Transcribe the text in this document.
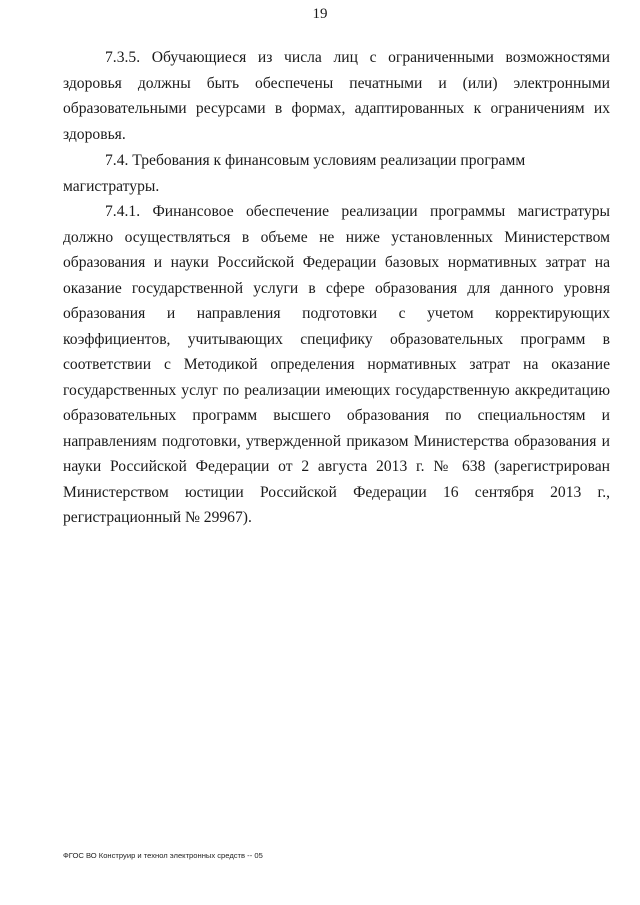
19

7.3.5. Обучающиеся из числа лиц с ограниченными возможностями здоровья должны быть обеспечены печатными и (или) электронными образовательными ресурсами в формах, адаптированных к ограничениям их здоровья.

7.4. Требования к финансовым условиям реализации программ магистратуры.

7.4.1. Финансовое обеспечение реализации программы магистратуры должно осуществляться в объеме не ниже установленных Министерством образования и науки Российской Федерации базовых нормативных затрат на оказание государственной услуги в сфере образования для данного уровня образования и направления подготовки с учетом корректирующих коэффициентов, учитывающих специфику образовательных программ в соответствии с Методикой определения нормативных затрат на оказание государственных услуг по реализации имеющих государственную аккредитацию образовательных программ высшего образования по специальностям и направлениям подготовки, утвержденной приказом Министерства образования и науки Российской Федерации от 2 августа 2013 г. № 638 (зарегистрирован Министерством юстиции Российской Федерации 16 сентября 2013 г., регистрационный № 29967).

ФГОС ВО Конструир и технол электронных средств -- 05
